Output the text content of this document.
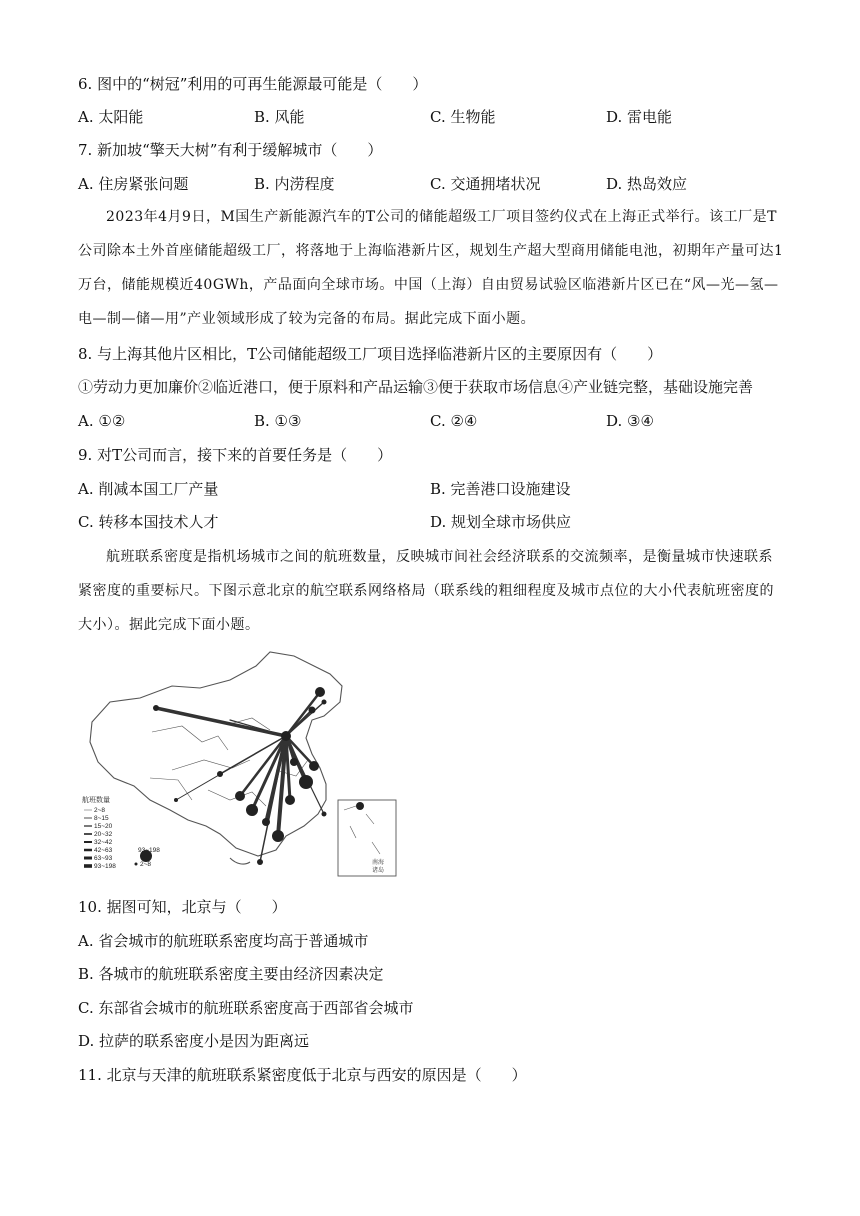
6. 图中的“树冠”利用的可再生能源最可能是（　　）
A. 太阳能	B. 风能	C. 生物能	D. 雷电能
7. 新加坡“擎天大树”有利于缓解城市（　　）
A. 住房紧张问题	B. 内涝程度	C. 交通拥堵状况	D. 热岛效应
2023年4月9日，M国生产新能源汽车的T公司的储能超级工厂项目签约仪式在上海正式举行。该工厂是T公司除本土外首座储能超级工厂，将落地于上海临港新片区，规划生产超大型商用储能电池，初期年产量可达1万台，储能规模近40GWh，产品面向全球市场。中国（上海）自由贸易试验区临港新片区已在“风—光—氢—电—制—储—用”产业领域形成了较为完备的布局。据此完成下面小题。
8. 与上海其他片区相比，T公司储能超级工厂项目选择临港新片区的主要原因有（　　）
①劳动力更加廉价②临近港口，便于原料和产品运输③便于获取市场信息④产业链完整，基础设施完善
A. ①②	B. ①③	C. ②④	D. ③④
9. 对T公司而言，接下来的首要任务是（　　）
A. 削减本国工厂产量	B. 完善港口设施建设
C. 转移本国技术人才	D. 规划全球市场供应
航班联系密度是指机场城市之间的航班数量，反映城市间社会经济联系的交流频率，是衡量城市快速联系紧密度的重要标尺。下图示意北京的航空联系网络格局（联系线的粗细程度及城市点位的大小代表航班密度的大小）。据此完成下面小题。
南海
诸岛
航班数量
2~8
8~15
15~20
20~32
32~42
42~63
63~93
93~198
93~198
2~8
10. 据图可知，北京与（　　）
A. 省会城市的航班联系密度均高于普通城市
B. 各城市的航班联系密度主要由经济因素决定
C. 东部省会城市的航班联系密度高于西部省会城市
D. 拉萨的联系密度小是因为距离远
11. 北京与天津的航班联系紧密度低于北京与西安的原因是（　　）
